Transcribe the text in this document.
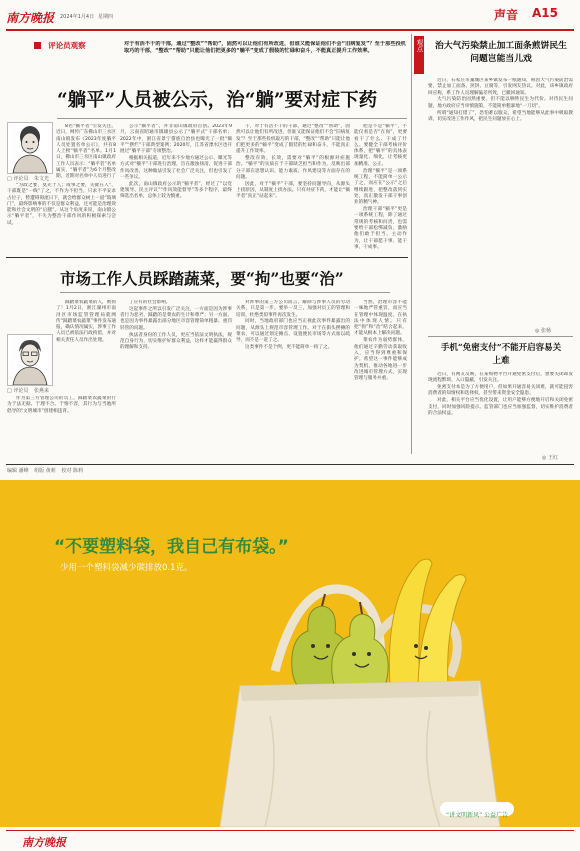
南方晚报 2024年1月4日 星期四	声音 A15
评论员观察	对于有活不干的干部，通过“整改”“帮助”，固然可以让他们有所改进，但谁又能保证他们不会“旧病复发”？至于那些投机取巧的干部，“整改”“帮助”只能让他们把更多的“躺平”变成了假装的忙碌和奋斗，不能真正提升工作效率。
“躺平”人员被公示，治“躺”要对症下药
□ 评论员 朱文光

8名“躺平者”引发关注。近日，网传广东佛山市三水区南山镇发布《2023年度躺平人员处置名单公示》，共有8人上榜“躺平者”名单。1月1日，佛山市三水区南山镇政府工作人员表示：“躺平者”名单属实，“躺平者”为6个月整改期，近期对名单中人员进行了

“为政之要，莫先于人；成事之要，关键在人”，干部既是“一线”了之，不作为不担当，只求不平安求占位子，暂遭碍碍流日下，就会给群众树上一道“玻璃门”，最终影响事的不仅是群众利益，还可能是治理效能和社会文明的“后腿”。从这个角度来说，南山镇公示“躺平者”，不失为整治干部作风的积极探索与尝试。

公示“躺平者”，并非南山镇政府首创。2023年9月，云南省昭通市镇雄县公示了“躺平式”干部名单；2022年中，浙江省景宁畲族自治县也曝光了一批“躺平”“摆烂”干部典型案例；2020年，江苏省溧水区也开展过“躺平干部”专项整治。

根据相关报道，近年来不少地方通过公示、曝光等方式对“躺平”干部进行治理，旨在激浊扬清、促进干部作风改善。这种做法引发了社会广泛关注，但也引发了一些争议。

此次，南山镇政府公示的“躺平者”，经过了“以党建领导、民主评议”“作风效能督导”等多个程序，最终筛选出名单，总体上较为慎重。

干，对于有活不干的干部，通过“整改”“帮助”，固然可以让他们有所改进，但谁又能保证他们不会“旧病复发”？至于那些投机取巧的干部，“整改”“帮助”只能让他们把更多的“躺平”变成了假装的忙碌和奋斗，不能真正提升工作效率。

整改有效、长效，需要对“躺平”的根源对症施治。“躺平”的实质在于干部缺乏担当和作为，反映出部分干部在思想认识、能力素质、作风建设等方面存在的问题。

因此，对于“躺平”干部，要坚持问题导向，从源头上找原因，从制度上找办法。只有对症下药，才能让“躺平者”真正“站起来”。

把是不是“躺平”，不能仅看是否“在岗”，更要看干了什么、干成了什么。要健全干部考核评价体系，把“躺平”的具体表现量化、细化，让考核更加精准、公正。

治理“躺平”是一项系统工程，不能简单一公示了之，而应在“公示”之后继续跟进，把整改落到实处，真正激发干部干事创业的精气神。

治理干部“躺平”更是一项系统工程，除了通过常规的考核和问责，也需要给干部松绑减负，激励他们敢于担当、主动作为，让干部愿干事、能干事、干成事。

市场工作人员踩踏蔬菜，要“拘”也要“治”
□ 评论员 张燕来

踩踏菜农蔬菜的人，被拘了！1月2日，浙江湖州市南浔区市场监管管理局就网传“踩踏菜农蔬菜”事件发布通报，确认情况属实，涉事工作人员已被依法行政拘留，并对相关责任人员作出处理。

作为第三方管理公司的员工，踩踏菜农蔬菜的行为于法无据、于理不合、于情不容，其行为与当地所倡导的“文明城市”创建相违背。

了应有的社会影响。

这起事件之所以引发广泛关注，一方面是因为涉事者行为恶劣，踩踏的是菜农的生计和尊严；另一方面，也是因为事件暴露出部分地区市容管理简单粗暴、重罚轻管的问题。

执法者身份的工作人员，更应当依法文明执法，规范自身行为，切实维护好群众利益，这样才能赢得群众的理解和支持。

对涉事的第三方公司而言，解除与涉事人员的劳动关系，只是第一步。要举一反三，加强对员工的管理和培训，杜绝类似事件再次发生。

同时，当地政府部门也应当正视此次事件暴露出的问题，从源头上规范市容管理工作。对于在街头摆摊的菜农，可以通过划定摊点、设置便民市场等方式加以疏导，而不是一赶了之。

这类事件不是个例，更不能简单一拘了之。

当然，治理市容不能一味地严管重罚，而应当在管理中体现温度、在执法中体现人情。只有把“拘”和“治”结合起来，才能从根本上解决问题。

菜农作为弱势群体，他们通过辛勤劳动获取收入，应当得到尊重和保护。希望这一事件能够成为契机，推动各地进一步改进城市管理方式，实现管理与服务并重。

观点	治大气污染禁止加工面条煎饼民生问题岂能当儿戏

近日，石家庄市藁城区某乡镇发布一纸通知，称因大气污染防治需要，禁止加工面条、煎饼、豆腐等，引发网友热议。对此，该乡镇政府回应称，系工作人员理解偏差所致，已撤回通知。

大气污染防治固然重要，但不能以牺牲民生为代价。对待民生问题，地方政府应当审慎施策，不能简单粗暴地“一刀切”。

所谓“通知打错了”，恐怕难以服众。希望当地能够从此事中吸取教训，切实改进工作作风，把民生问题放在心上。

◎ 张杨
手机“免密支付”不能开启容易关上难

近日，有网友反映，在某购物平台开通免密支付后，想要关闭却发现流程繁琐、入口隐蔽，引发关注。

免密支付本是为了方便用户，但如果开通容易关闭难，就可能侵害消费者的知情权和选择权，甚至带来资金安全隐患。

对此，相关平台应当优化设置，让用户能够方便地开启和关闭免密支付，同时加强风险提示。监管部门也应当加强监督，切实维护消费者的合法权益。

◎ 王红
编辑 潘峰 组版 黄莉 校对 陈莉
“不要塑料袋，我自己有布袋。”
少用一个塑料袋减少碳排放0.1克。
“讲文明新风” 公益广告
南方晚报
